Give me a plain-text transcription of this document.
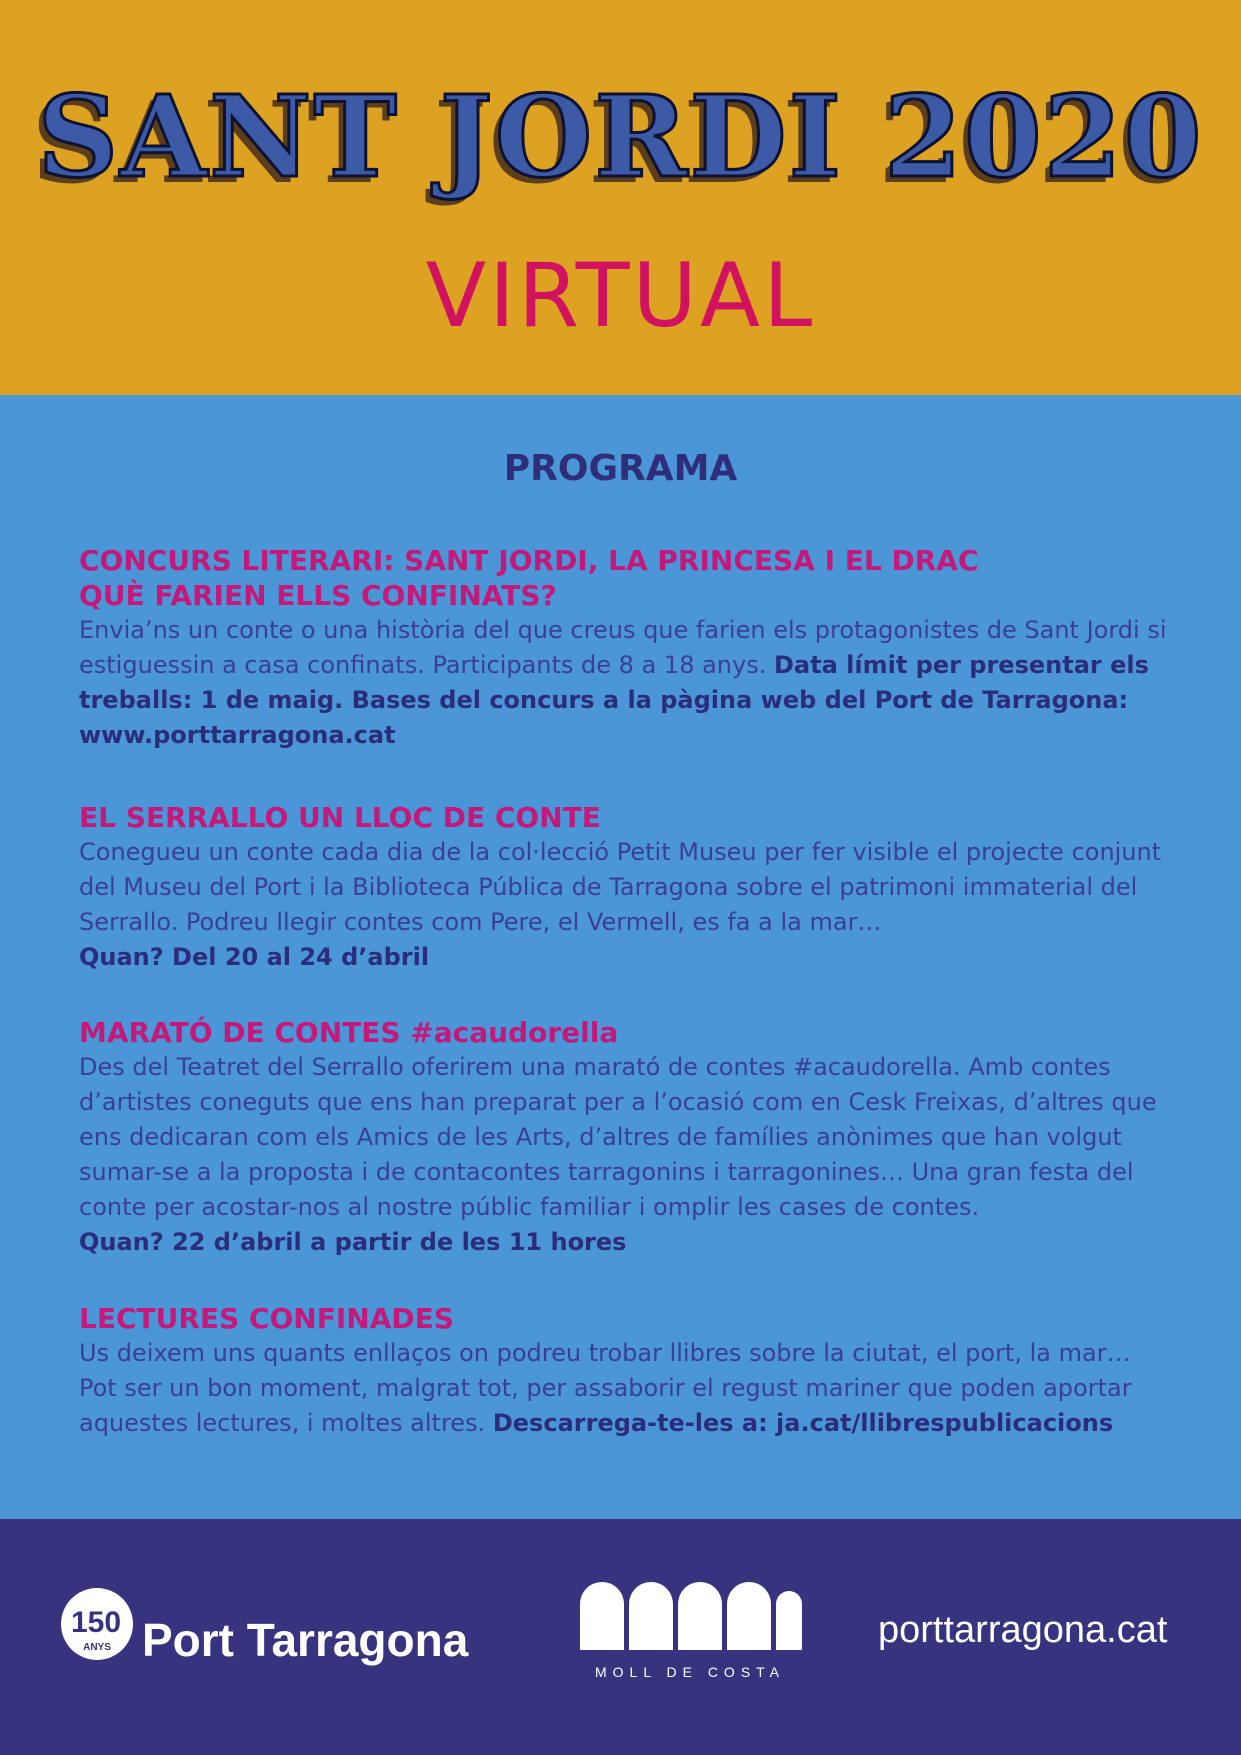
SANT JORDI 2020
VIRTUAL
PROGRAMA
CONCURS LITERARI: SANT JORDI, LA PRINCESA I EL DRAC
QUÈ FARIEN ELLS CONFINATS?

Envia’ns un conte o una història del que creus que farien els protagonistes de Sant Jordi si estiguessin a casa confinats. Participants de 8 a 18 anys. Data límit per presentar els treballs: 1 de maig. Bases del concurs a la pàgina web del Port de Tarragona: www.porttarragona.cat

EL SERRALLO UN LLOC DE CONTE

Conegueu un conte cada dia de la col·lecció Petit Museu per fer visible el projecte conjunt del Museu del Port i la Biblioteca Pública de Tarragona sobre el patrimoni immaterial del Serrallo. Podreu llegir contes com Pere, el Vermell, es fa a la mar…
Quan? Del 20 al 24 d’abril

MARATÓ DE CONTES #acaudorella

Des del Teatret del Serrallo oferirem una marató de contes #acaudorella. Amb contes d’artistes coneguts que ens han preparat per a l’ocasió com en Cesk Freixas, d’altres que ens dedicaran com els Amics de les Arts, d’altres de famílies anònimes que han volgut sumar-se a la proposta i de contacontes tarragonins i tarragonines… Una gran festa del conte per acostar-nos al nostre públic familiar i omplir les cases de contes.
Quan? 22 d’abril a partir de les 11 hores

LECTURES CONFINADES

Us deixem uns quants enllaços on podreu trobar llibres sobre la ciutat, el port, la mar… Pot ser un bon moment, malgrat tot, per assaborir el regust mariner que poden aportar aquestes lectures, i moltes altres. Descarrega-te-les a: ja.cat/llibrespublicacions

150
ANYS Port Tarragona
MOLL DE COSTA
porttarragona.cat
